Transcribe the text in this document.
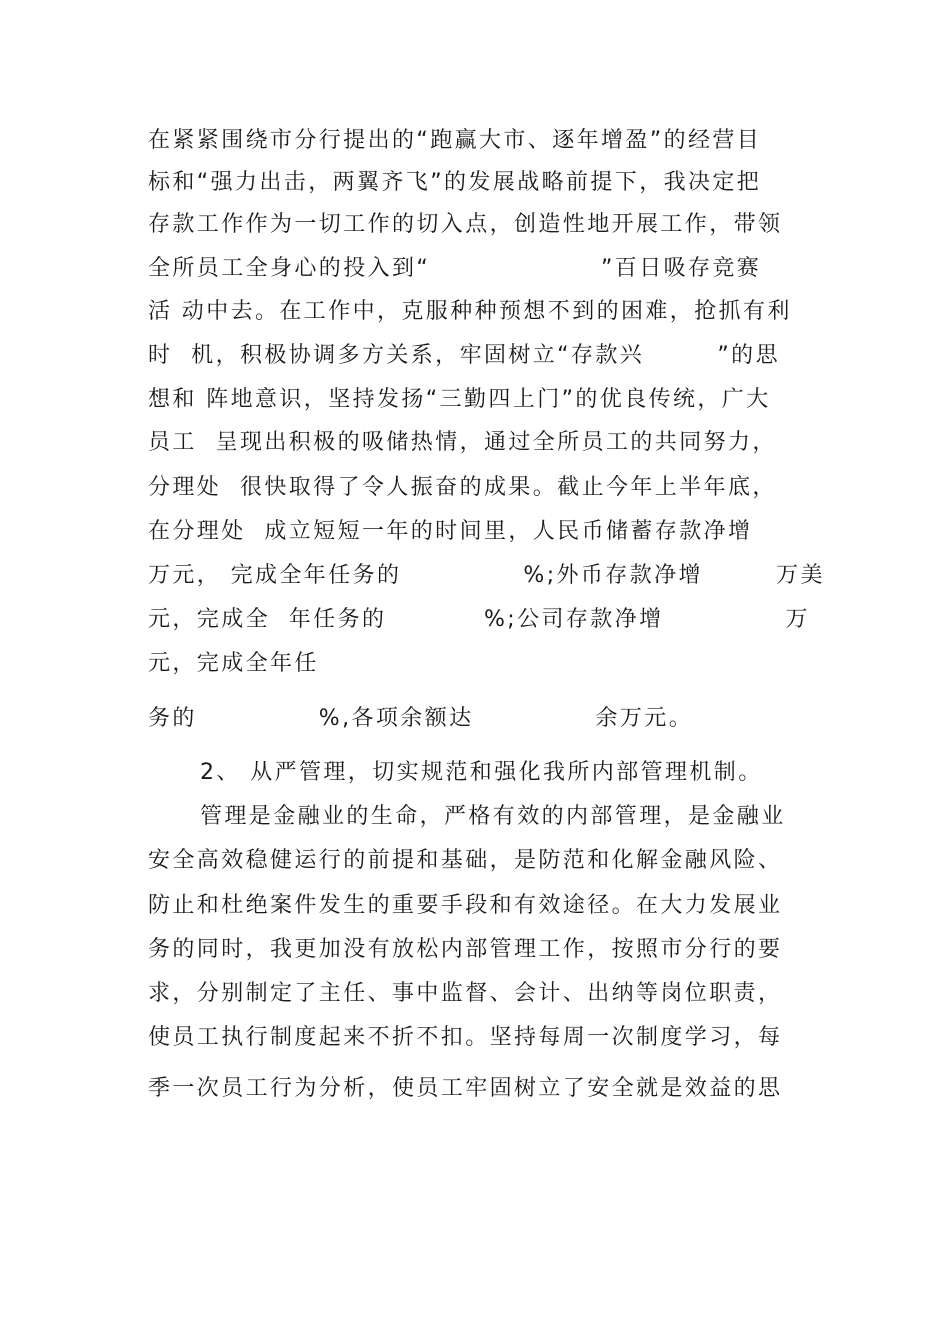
在紧紧围绕市分行提出的“跑赢大市、逐年增盈”的经营目
标和“强力出击，两翼齐飞”的发展战略前提下，我决定把
存款工作作为一切工作的切入点，创造性地开展工作，带领
全所员工全身心的投入到“　　　　　　　”百日吸存竞赛
活 动中去。在工作中，克服种种预想不到的困难，抢抓有利
时  机，积极协调多方关系，牢固树立“存款兴　　　”的思
想和 阵地意识，坚持发扬“三勤四上门”的优良传统，广大
员工  呈现出积极的吸储热情，通过全所员工的共同努力，
分理处  很快取得了令人振奋的成果。截止今年上半年底，
在分理处  成立短短一年的时间里，人民币储蓄存款净增
万元， 完成全年任务的　　　　　%;外币存款净增　　　万美
元，完成全  年任务的　　　　%;公司存款净增　　　　　万
元，完成全年任
务的　　　　　%,各项余额达　　　　　余万元。
2、 从严管理，切实规范和强化我所内部管理机制。
管理是金融业的生命，严格有效的内部管理，是金融业
安全高效稳健运行的前提和基础，是防范和化解金融风险、
防止和杜绝案件发生的重要手段和有效途径。在大力发展业
务的同时，我更加没有放松内部管理工作，按照市分行的要
求，分别制定了主任、事中监督、会计、出纳等岗位职责，
使员工执行制度起来不折不扣。坚持每周一次制度学习，每
季一次员工行为分析，使员工牢固树立了安全就是效益的思
